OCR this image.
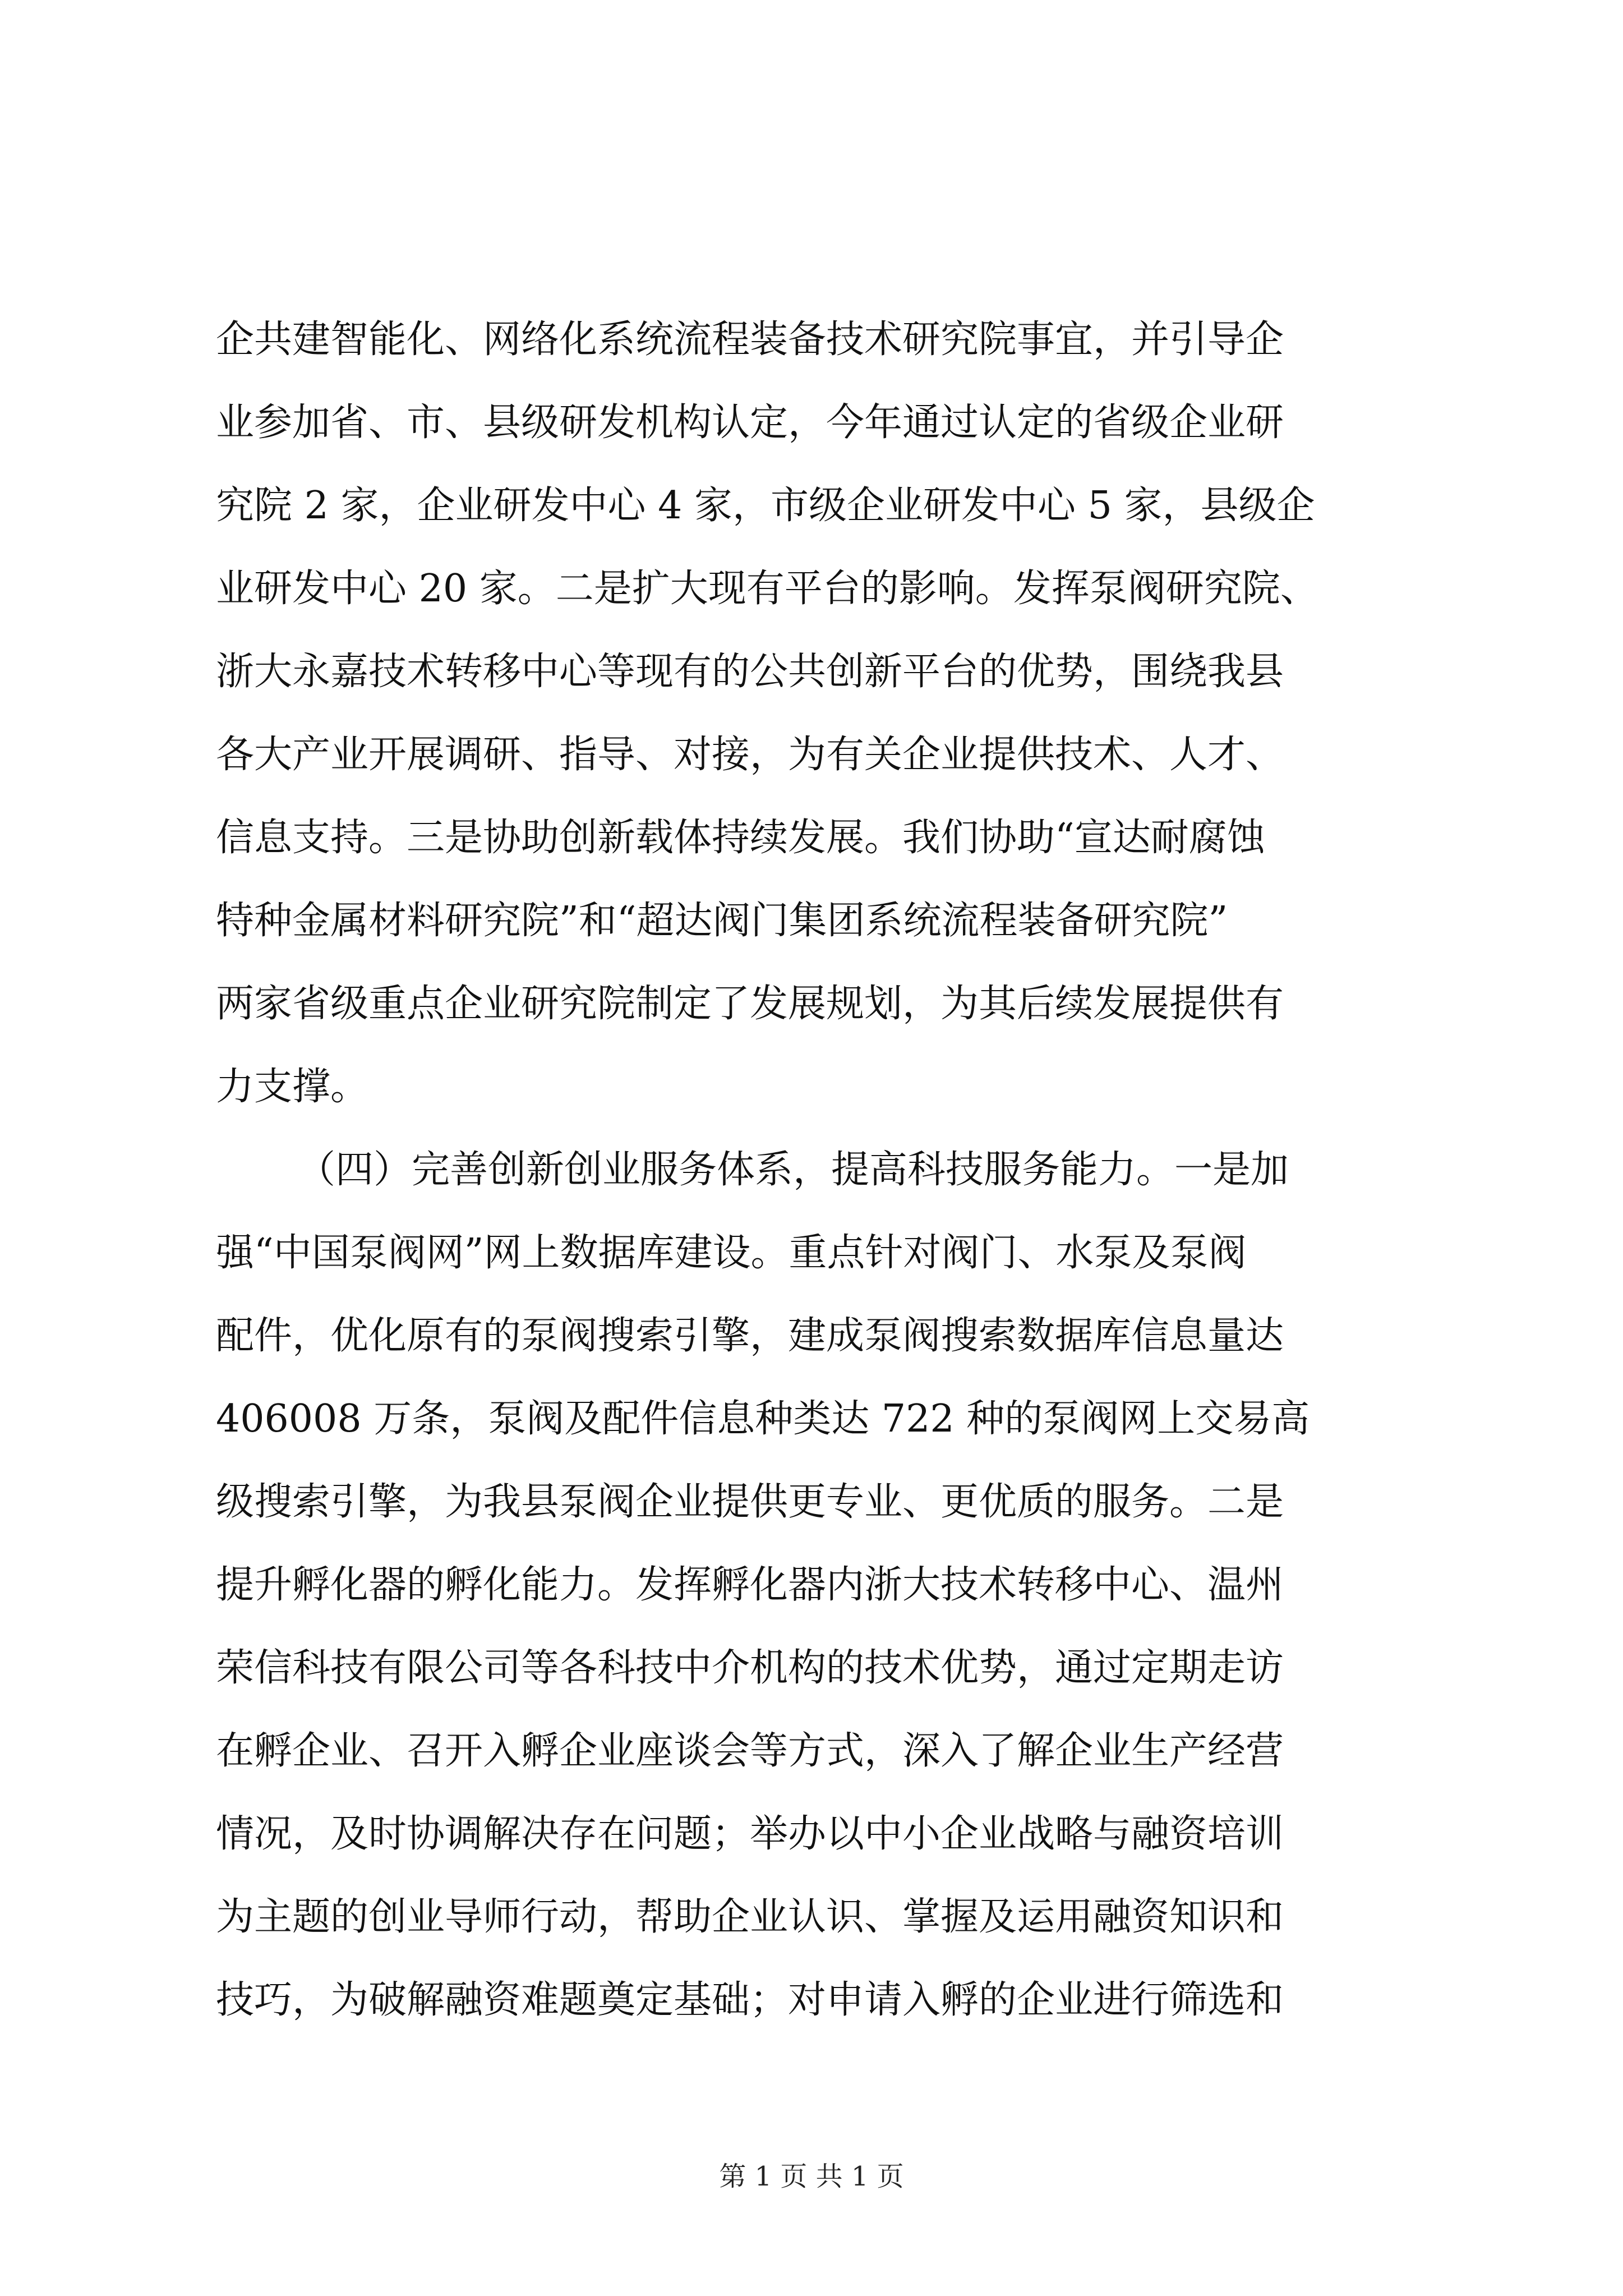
企共建智能化、网络化系统流程装备技术研究院事宜，并引导企
业参加省、市、县级研发机构认定，今年通过认定的省级企业研
究院 2 家，企业研发中心 4 家，市级企业研发中心 5 家，县级企
业研发中心 20 家。二是扩大现有平台的影响。发挥泵阀研究院、
浙大永嘉技术转移中心等现有的公共创新平台的优势，围绕我县
各大产业开展调研、指导、对接，为有关企业提供技术、人才、
信息支持。三是协助创新载体持续发展。我们协助“宣达耐腐蚀
特种金属材料研究院”和“超达阀门集团系统流程装备研究院”
两家省级重点企业研究院制定了发展规划，为其后续发展提供有
力支撑。
（四）完善创新创业服务体系，提高科技服务能力。一是加
强“中国泵阀网”网上数据库建设。重点针对阀门、水泵及泵阀
配件，优化原有的泵阀搜索引擎，建成泵阀搜索数据库信息量达
406008 万条，泵阀及配件信息种类达 722 种的泵阀网上交易高
级搜索引擎，为我县泵阀企业提供更专业、更优质的服务。二是
提升孵化器的孵化能力。发挥孵化器内浙大技术转移中心、温州
荣信科技有限公司等各科技中介机构的技术优势，通过定期走访
在孵企业、召开入孵企业座谈会等方式，深入了解企业生产经营
情况，及时协调解决存在问题；举办以中小企业战略与融资培训
为主题的创业导师行动，帮助企业认识、掌握及运用融资知识和
技巧，为破解融资难题奠定基础；对申请入孵的企业进行筛选和
第 1 页 共 1 页
